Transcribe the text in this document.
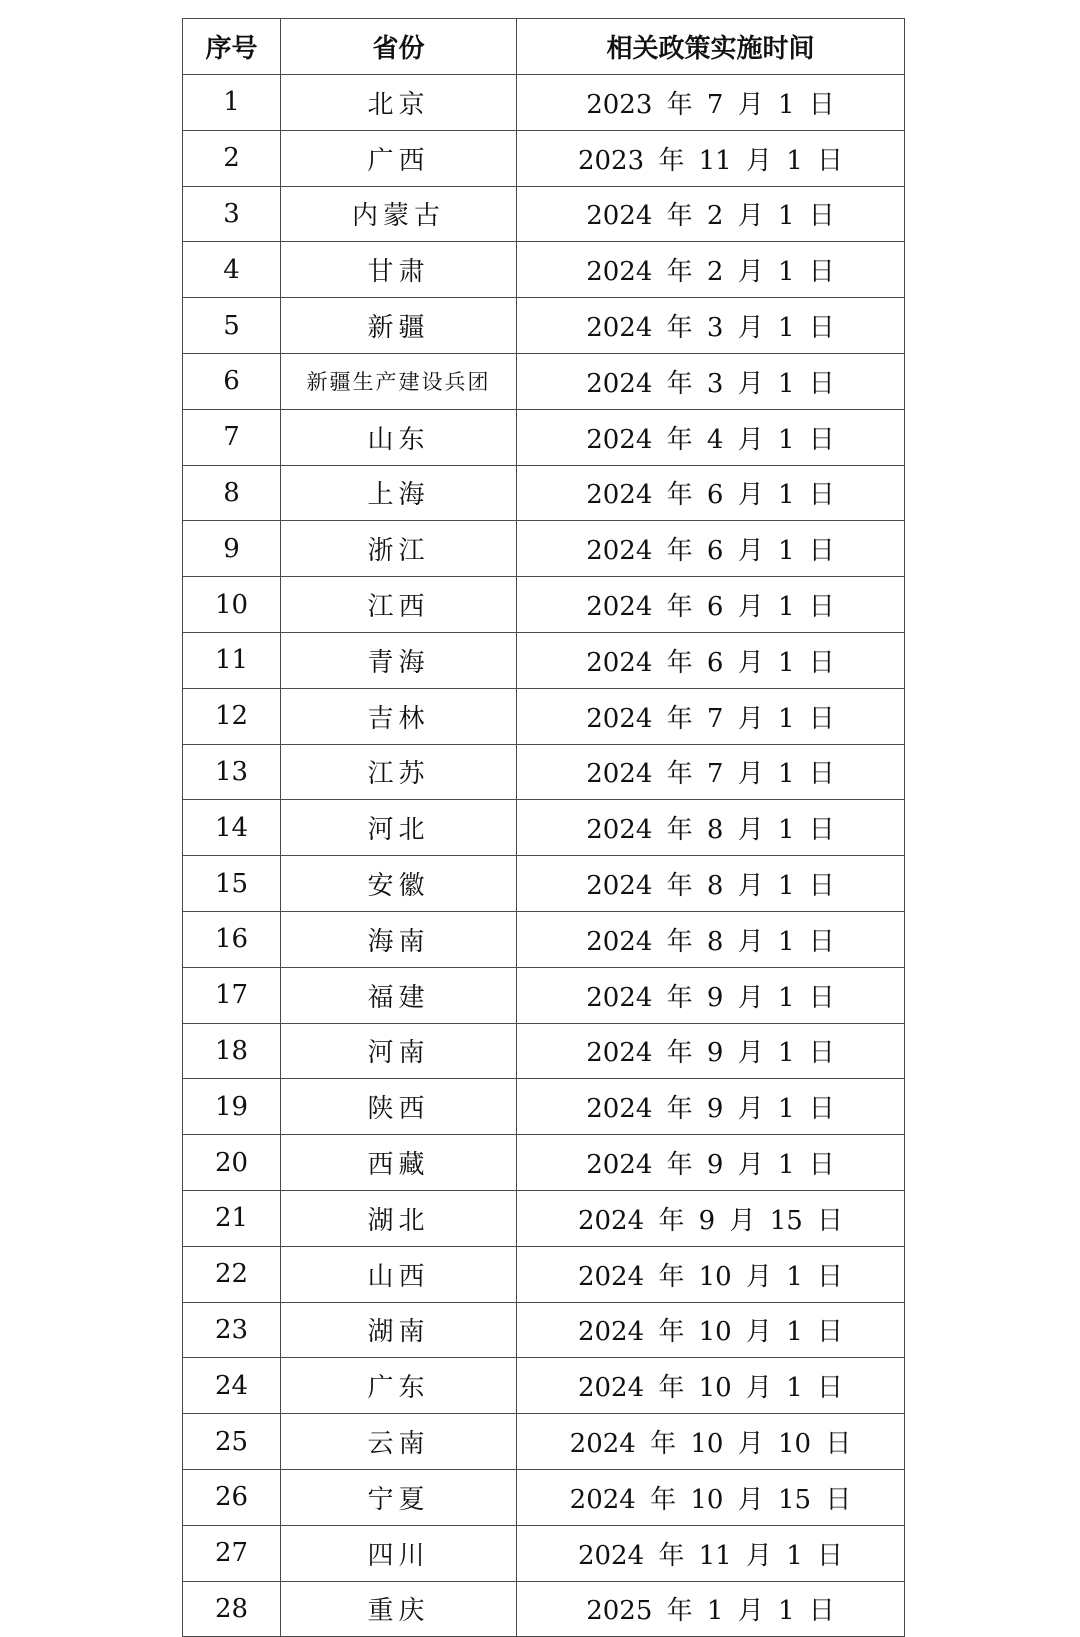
序号	省份	相关政策实施时间
1	北京	2023 年 7 月 1 日
2	广西	2023 年 11 月 1 日
3	内蒙古	2024 年 2 月 1 日
4	甘肃	2024 年 2 月 1 日
5	新疆	2024 年 3 月 1 日
6	新疆生产建设兵团	2024 年 3 月 1 日
7	山东	2024 年 4 月 1 日
8	上海	2024 年 6 月 1 日
9	浙江	2024 年 6 月 1 日
10	江西	2024 年 6 月 1 日
11	青海	2024 年 6 月 1 日
12	吉林	2024 年 7 月 1 日
13	江苏	2024 年 7 月 1 日
14	河北	2024 年 8 月 1 日
15	安徽	2024 年 8 月 1 日
16	海南	2024 年 8 月 1 日
17	福建	2024 年 9 月 1 日
18	河南	2024 年 9 月 1 日
19	陕西	2024 年 9 月 1 日
20	西藏	2024 年 9 月 1 日
21	湖北	2024 年 9 月 15 日
22	山西	2024 年 10 月 1 日
23	湖南	2024 年 10 月 1 日
24	广东	2024 年 10 月 1 日
25	云南	2024 年 10 月 10 日
26	宁夏	2024 年 10 月 15 日
27	四川	2024 年 11 月 1 日
28	重庆	2025 年 1 月 1 日
